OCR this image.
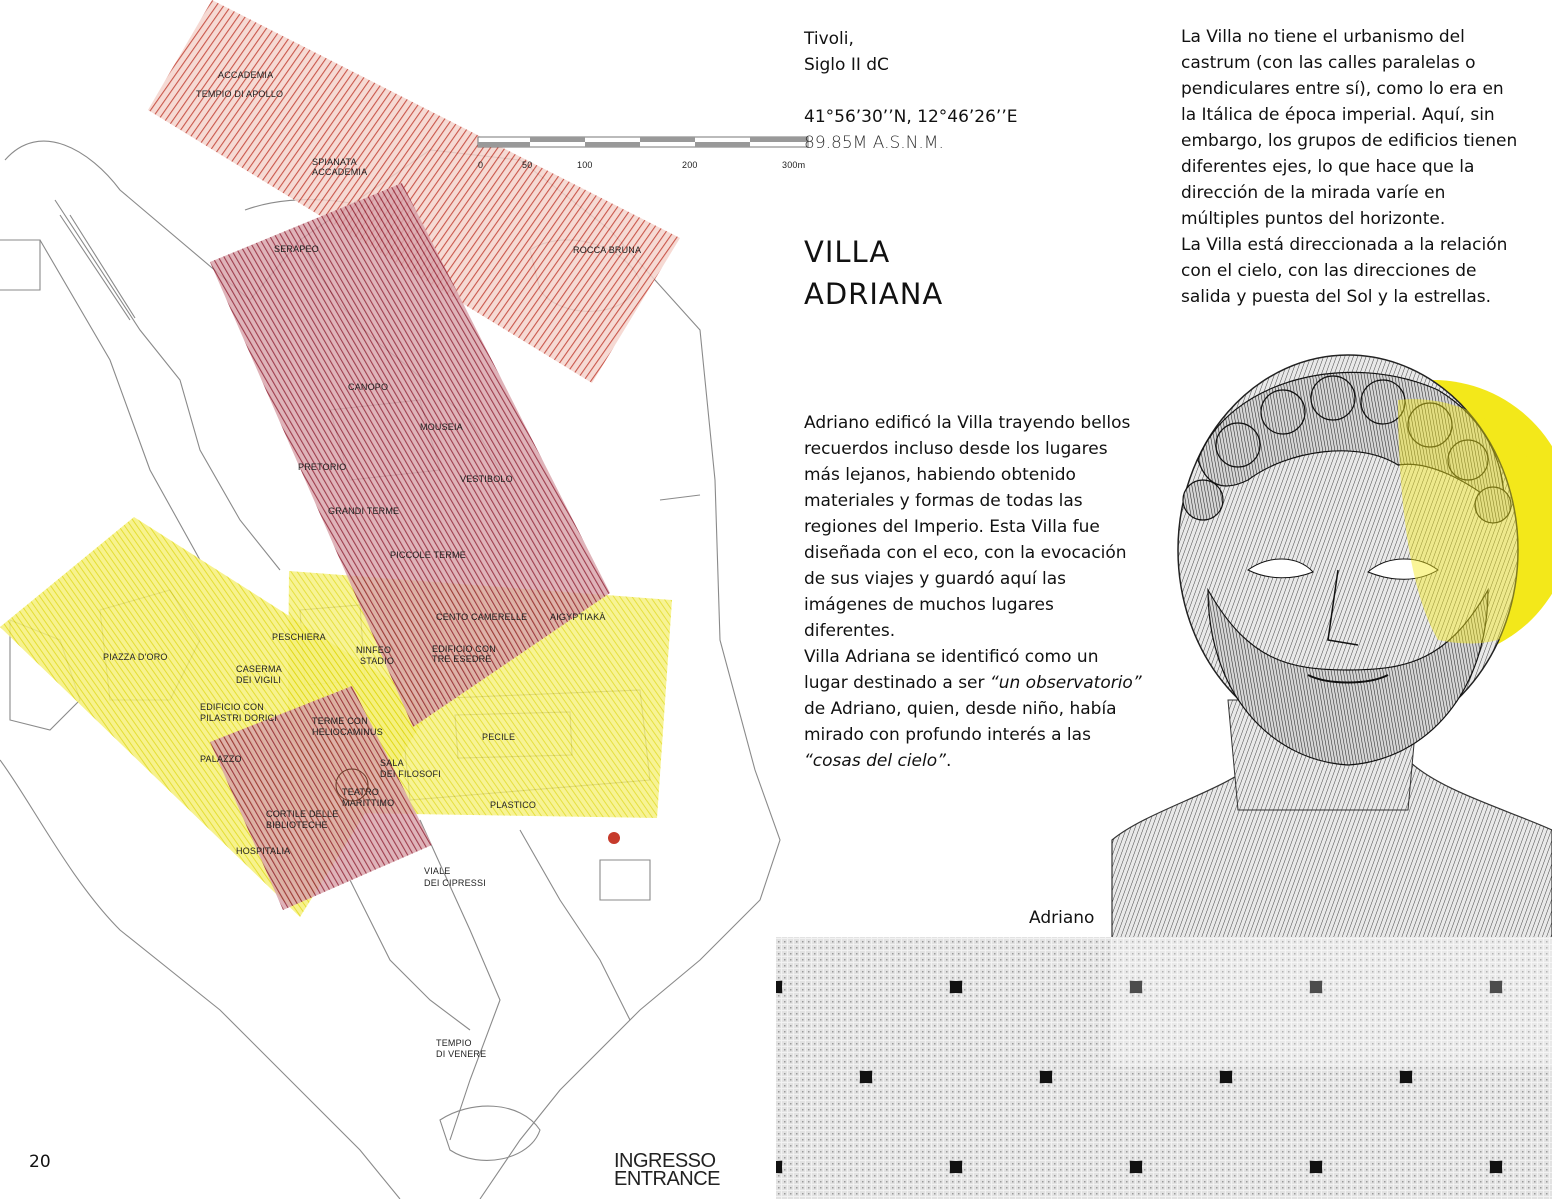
0	50	100	200	300m
ACCADEMIA
TEMPIO DI APOLLO
SPIANATA
ACCADEMIA
ROCCA BRUNA
SERAPEO
CANOPO
MOUSEIA
PRETORIO
VESTIBOLO
GRANDI TERME
PICCOLE TERME
CENTO CAMERELLE	AIGYPTIAKÀ
PESCHIERA
NINFEO
STADIO
EDIFICIO CON
TRE ESEDRE
PIAZZA D'ORO
CASERMA
DEI VIGILI
EDIFICIO CON
PILASTRI DORICI	TERME CON
HELIOCAMINUS	PECILE
PALAZZO	SALA
DEI FILOSOFI
TEATRO
MARITTIMO
CORTILE DELLE
BIBLIOTECHE
PLASTICO
HOSPITALIA
VIALE
DEI CIPRESSI
TEMPIO
DI VENERE
Tivoli,
Siglo II dC
41°56’30’’N, 12°46’26’’E
89.85M A.S.N.M.
VILLA
ADRIANA

La Villa no tiene el urbanismo del
castrum (con las calles paralelas o
pendiculares entre sí), como lo era en
la Itálica de época imperial. Aquí, sin
embargo, los grupos de edificios tienen
diferentes ejes, lo que hace que la
dirección de la mirada varíe en
múltiples puntos del horizonte.
La Villa está direccionada a la relación
con el cielo, con las direcciones de
salida y puesta del Sol y la estrellas.

Adriano edificó la Villa trayendo bellos
recuerdos incluso desde los lugares
más lejanos, habiendo obtenido
materiales y formas de todas las
regiones del Imperio. Esta Villa fue
diseñada con el eco, con la evocación
de sus viajes y guardó aquí las
imágenes de muchos lugares
diferentes.
Villa Adriana se identificó como un
lugar destinado a ser “un observatorio”
de Adriano, quien, desde niño, había
mirado con profundo interés a las
“cosas del cielo”.

Adriano
20	INGRESSO
ENTRANCE
